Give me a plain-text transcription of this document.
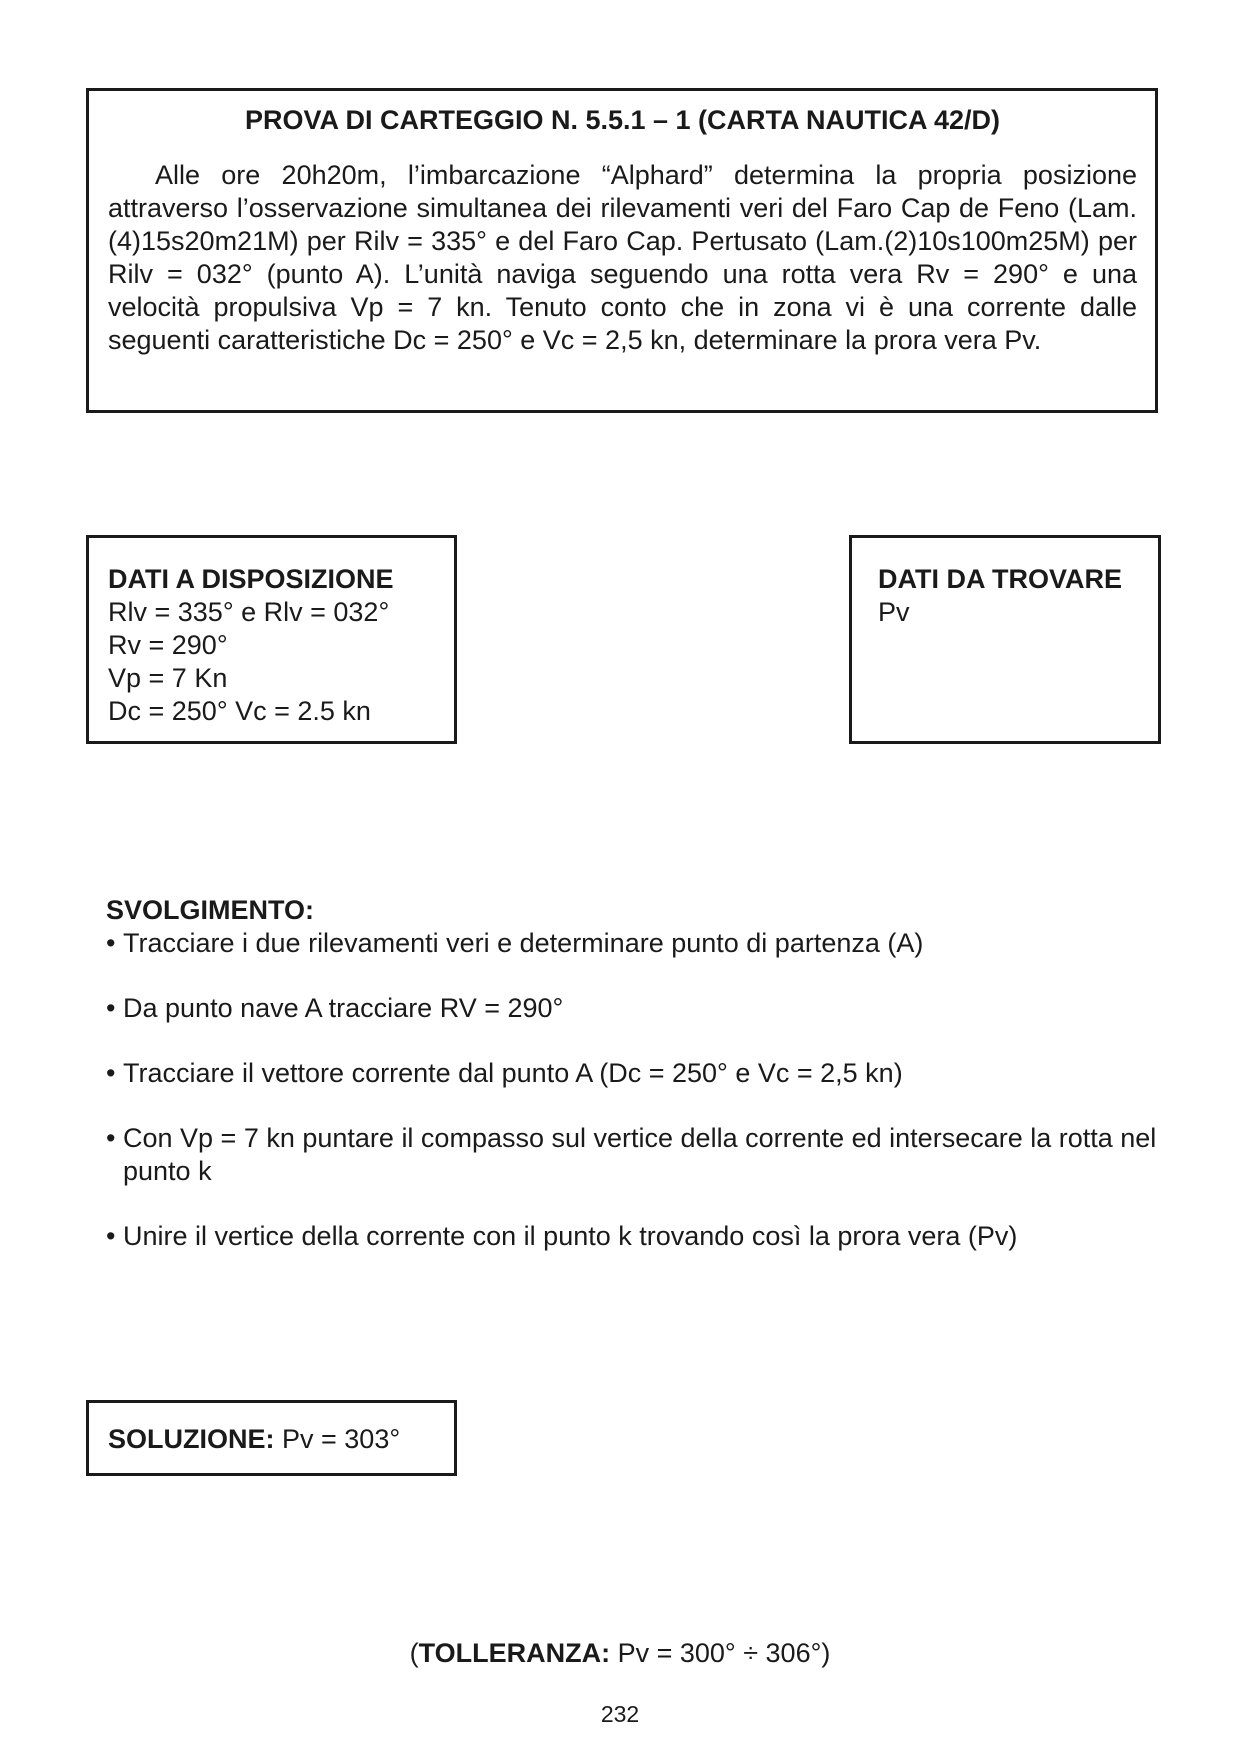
PROVA DI CARTEGGIO N. 5.5.1 – 1 (CARTA NAUTICA 42/D)

Alle ore 20h20m, l’imbarcazione “Alphard” determina la propria posizione attraverso l’osservazione simultanea dei rilevamenti veri del Faro Cap de Feno (Lam.(4)15s20m21M) per Rilv = 335° e del Faro Cap. Pertusato (Lam.(2)10s100m25M) per Rilv = 032° (punto A). L’unità naviga seguendo una rotta vera Rv = 290° e una velocità propulsiva Vp = 7 kn. Tenuto conto che in zona vi è una corrente dalle seguenti caratteristiche Dc = 250° e Vc = 2,5 kn, determinare la prora vera Pv.

DATI A DISPOSIZIONE
Rlv = 335° e Rlv = 032°
Rv = 290°
Vp = 7 Kn
Dc = 250° Vc = 2.5 kn
DATI DA TROVARE
Pv

SVOLGIMENTO:

• Tracciare i due rilevamenti veri e determinare punto di partenza (A)
• Da punto nave A tracciare RV = 290°
• Tracciare il vettore corrente dal punto A (Dc = 250° e Vc = 2,5 kn)
• Con Vp = 7 kn puntare il compasso sul vertice della corrente ed intersecare la rotta nel punto k
• Unire il vertice della corrente con il punto k trovando così la prora vera (Pv)
SOLUZIONE: Pv = 303°
(TOLLERANZA: Pv = 300° ÷ 306°)
232
